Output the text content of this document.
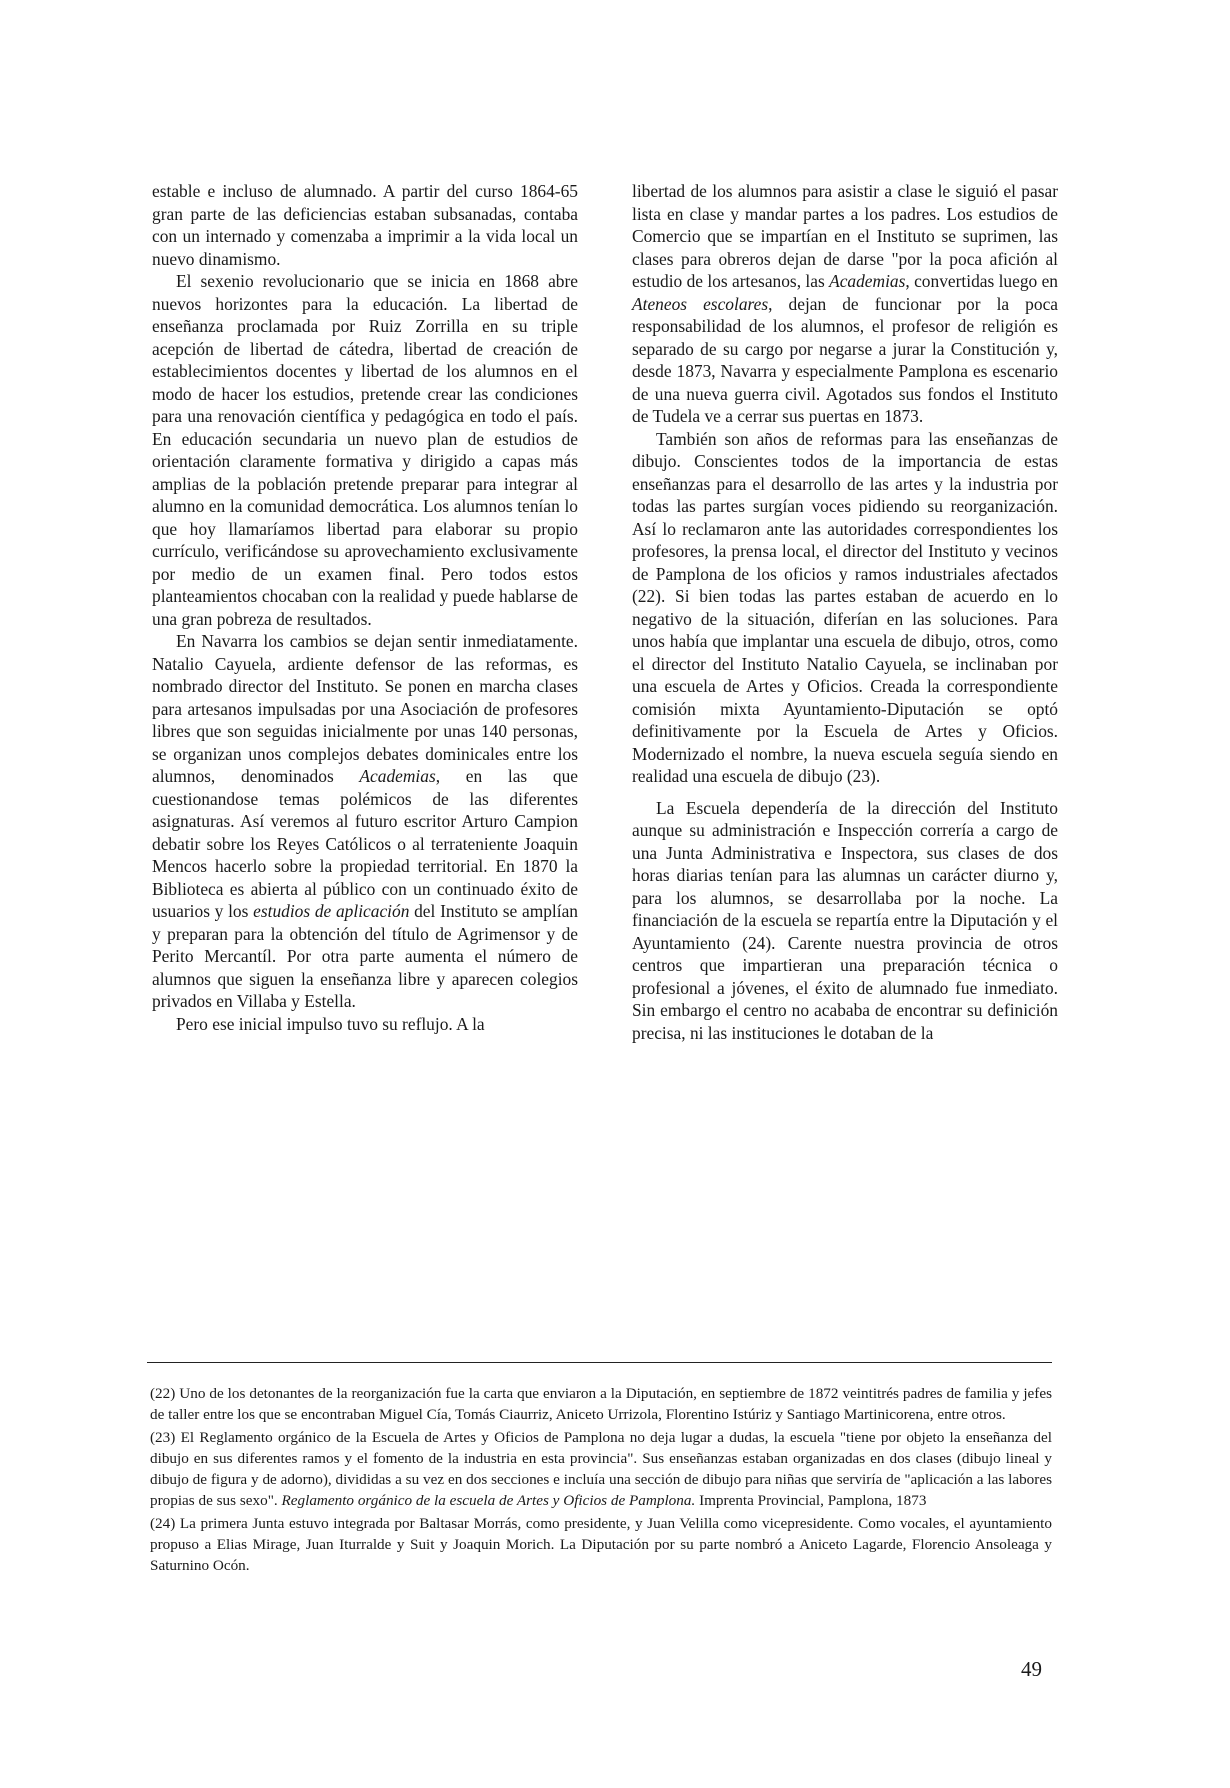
estable e incluso de alumnado. A partir del curso 1864-65 gran parte de las deficiencias estaban subsanadas, contaba con un internado y comenzaba a imprimir a la vida local un nuevo dinamismo.

El sexenio revolucionario que se inicia en 1868 abre nuevos horizontes para la educación. La libertad de enseñanza proclamada por Ruiz Zorrilla en su triple acepción de libertad de cátedra, libertad de creación de establecimientos docentes y libertad de los alumnos en el modo de hacer los estudios, pretende crear las condiciones para una renovación científica y pedagógica en todo el país. En educación secundaria un nuevo plan de estudios de orientación claramente formativa y dirigido a capas más amplias de la población pretende preparar para integrar al alumno en la comunidad democrática. Los alumnos tenían lo que hoy llamaríamos libertad para elaborar su propio currículo, verificándose su aprovechamiento exclusivamente por medio de un examen final. Pero todos estos planteamientos chocaban con la realidad y puede hablarse de una gran pobreza de resultados.

En Navarra los cambios se dejan sentir inmediatamente. Natalio Cayuela, ardiente defensor de las reformas, es nombrado director del Instituto. Se ponen en marcha clases para artesanos impulsadas por una Asociación de profesores libres que son seguidas inicialmente por unas 140 personas, se organizan unos complejos debates dominicales entre los alumnos, denominados Academias, en las que cuestionandose temas polémicos de las diferentes asignaturas. Así veremos al futuro escritor Arturo Campion debatir sobre los Reyes Católicos o al terrateniente Joaquin Mencos hacerlo sobre la propiedad territorial. En 1870 la Biblioteca es abierta al público con un continuado éxito de usuarios y los estudios de aplicación del Instituto se amplían y preparan para la obtención del título de Agrimensor y de Perito Mercantíl. Por otra parte aumenta el número de alumnos que siguen la enseñanza libre y aparecen colegios privados en Villaba y Estella.

Pero ese inicial impulso tuvo su reflujo. A la

libertad de los alumnos para asistir a clase le siguió el pasar lista en clase y mandar partes a los padres. Los estudios de Comercio que se impartían en el Instituto se suprimen, las clases para obreros dejan de darse "por la poca afición al estudio de los artesanos, las Academias, convertidas luego en Ateneos escolares, dejan de funcionar por la poca responsabilidad de los alumnos, el profesor de religión es separado de su cargo por negarse a jurar la Constitución y, desde 1873, Navarra y especialmente Pamplona es escenario de una nueva guerra civil. Agotados sus fondos el Instituto de Tudela ve a cerrar sus puertas en 1873.

También son años de reformas para las enseñanzas de dibujo. Conscientes todos de la importancia de estas enseñanzas para el desarrollo de las artes y la industria por todas las partes surgían voces pidiendo su reorganización. Así lo reclamaron ante las autoridades correspondientes los profesores, la prensa local, el director del Instituto y vecinos de Pamplona de los oficios y ramos industriales afectados (22). Si bien todas las partes estaban de acuerdo en lo negativo de la situación, diferían en las soluciones. Para unos había que implantar una escuela de dibujo, otros, como el director del Instituto Natalio Cayuela, se inclinaban por una escuela de Artes y Oficios. Creada la correspondiente comisión mixta Ayuntamiento-Diputación se optó definitivamente por la Escuela de Artes y Oficios. Modernizado el nombre, la nueva escuela seguía siendo en realidad una escuela de dibujo (23).

La Escuela dependería de la dirección del Instituto aunque su administración e Inspección correría a cargo de una Junta Administrativa e Inspectora, sus clases de dos horas diarias tenían para las alumnas un carácter diurno y, para los alumnos, se desarrollaba por la noche. La financiación de la escuela se repartía entre la Diputación y el Ayuntamiento (24). Carente nuestra provincia de otros centros que impartieran una preparación técnica o profesional a jóvenes, el éxito de alumnado fue inmediato. Sin embargo el centro no acababa de encontrar su definición precisa, ni las instituciones le dotaban de la

(22) Uno de los detonantes de la reorganización fue la carta que enviaron a la Diputación, en septiembre de 1872 veintitrés padres de familia y jefes de taller entre los que se encontraban Miguel Cía, Tomás Ciaurriz, Aniceto Urrizola, Florentino Istúriz y Santiago Martinicorena, entre otros.

(23) El Reglamento orgánico de la Escuela de Artes y Oficios de Pamplona no deja lugar a dudas, la escuela "tiene por objeto la enseñanza del dibujo en sus diferentes ramos y el fomento de la industria en esta provincia". Sus enseñanzas estaban organizadas en dos clases (dibujo lineal y dibujo de figura y de adorno), divididas a su vez en dos secciones e incluía una sección de dibujo para niñas que serviría de "aplicación a las labores propias de sus sexo". Reglamento orgánico de la escuela de Artes y Oficios de Pamplona. Imprenta Provincial, Pamplona, 1873

(24) La primera Junta estuvo integrada por Baltasar Morrás, como presidente, y Juan Velilla como vicepresidente. Como vocales, el ayuntamiento propuso a Elias Mirage, Juan Iturralde y Suit y Joaquin Morich. La Diputación por su parte nombró a Aniceto Lagarde, Florencio Ansoleaga y Saturnino Ocón.

49
